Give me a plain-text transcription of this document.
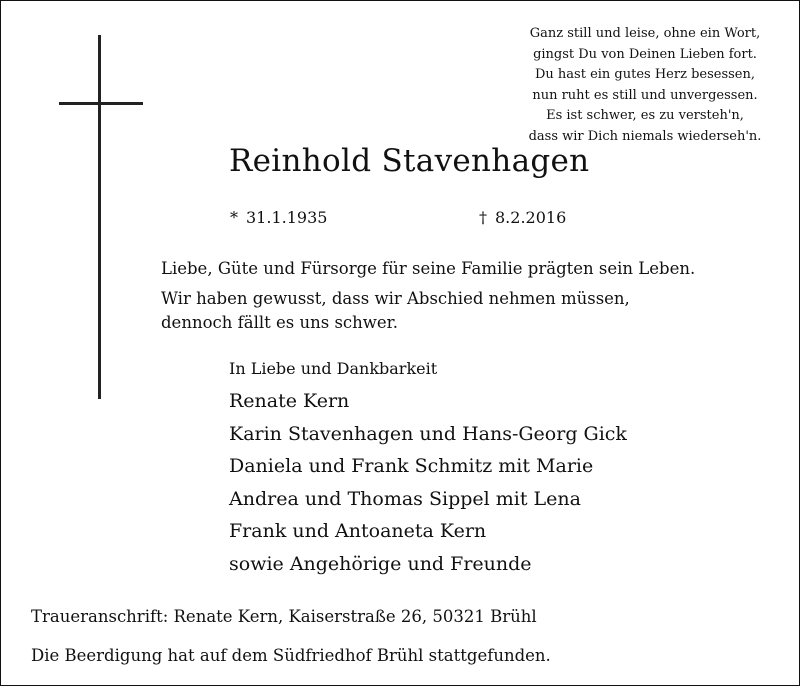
Ganz still und leise, ohne ein Wort,
gingst Du von Deinen Lieben fort.
Du hast ein gutes Herz besessen,
nun ruht es still und unvergessen.
Es ist schwer, es zu versteh'n,
dass wir Dich niemals wiederseh'n.
Reinhold Stavenhagen
* 31.1.1935	† 8.2.2016
Liebe, Güte und Fürsorge für seine Familie prägten sein Leben.
Wir haben gewusst, dass wir Abschied nehmen müssen,
dennoch fällt es uns schwer.
In Liebe und Dankbarkeit
Renate Kern
Karin Stavenhagen und Hans-Georg Gick
Daniela und Frank Schmitz mit Marie
Andrea und Thomas Sippel mit Lena
Frank und Antoaneta Kern
sowie Angehörige und Freunde
Traueranschrift: Renate Kern, Kaiserstraße 26, 50321 Brühl
Die Beerdigung hat auf dem Südfriedhof Brühl stattgefunden.
